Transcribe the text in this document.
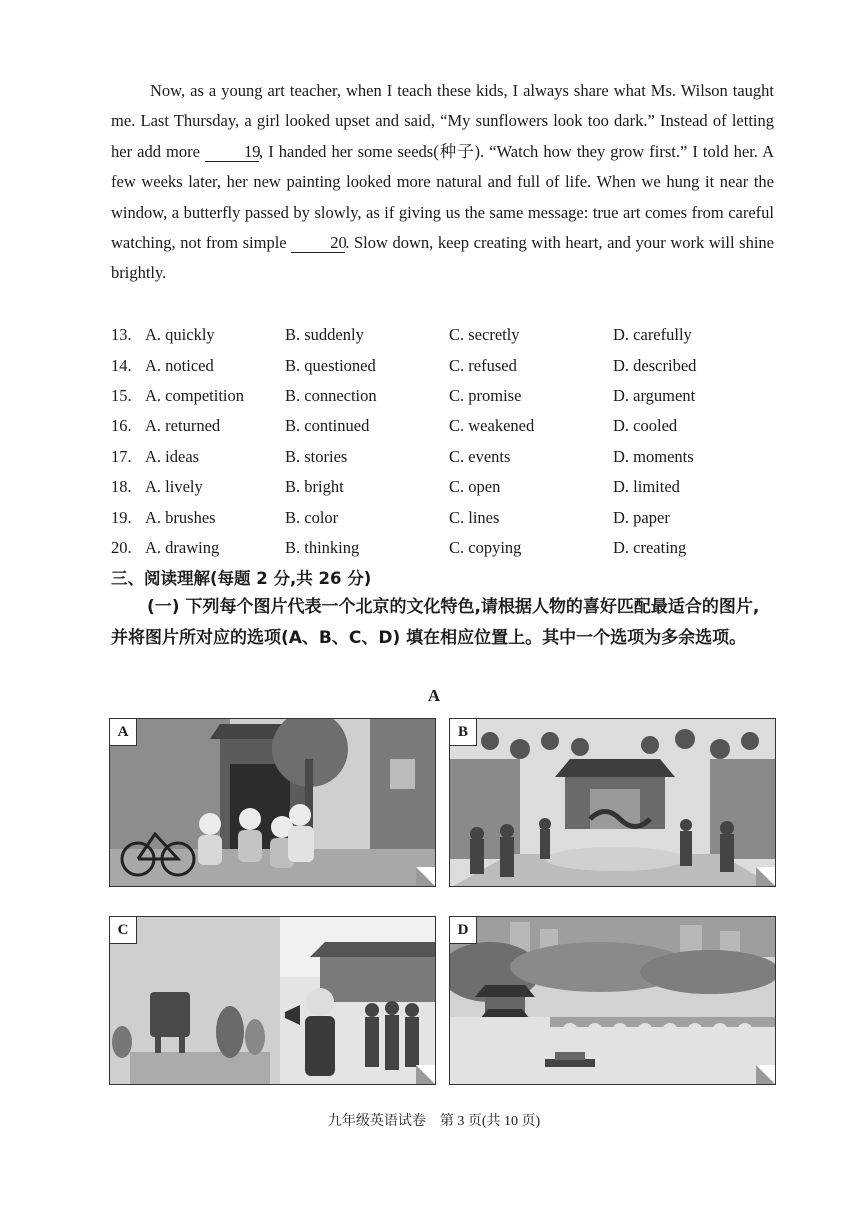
Now, as a young art teacher, when I teach these kids, I always share what Ms. Wilson taught me. Last Thursday, a girl looked upset and said, “My sunflowers look too dark.” Instead of letting her add more 19, I handed her some seeds(种子). “Watch how they grow first.” I told her. A few weeks later, her new painting looked more natural and full of life. When we hung it near the window, a butterfly passed by slowly, as if giving us the same message: true art comes from careful watching, not from simple 20. Slow down, keep creating with heart, and your work will shine brightly.

13. A. quickly	B. suddenly	C. secretly	D. carefully
14. A. noticed	B. questioned	C. refused	D. described
15. A. competition	B. connection	C. promise	D. argument
16. A. returned	B. continued	C. weakened	D. cooled
17. A. ideas	B. stories	C. events	D. moments
18. A. lively	B. bright	C. open	D. limited
19. A. brushes	B. color	C. lines	D. paper
20. A. drawing	B. thinking	C. copying	D. creating
三、阅读理解(每题 2 分,共 26 分)

(一) 下列每个图片代表一个北京的文化特色,请根据人物的喜好匹配最适合的图片,并将图片所对应的选项(A、B、C、D) 填在相应位置上。其中一个选项为多余选项。

A
A	B
C	D
九年级英语试卷　第 3 页(共 10 页)
